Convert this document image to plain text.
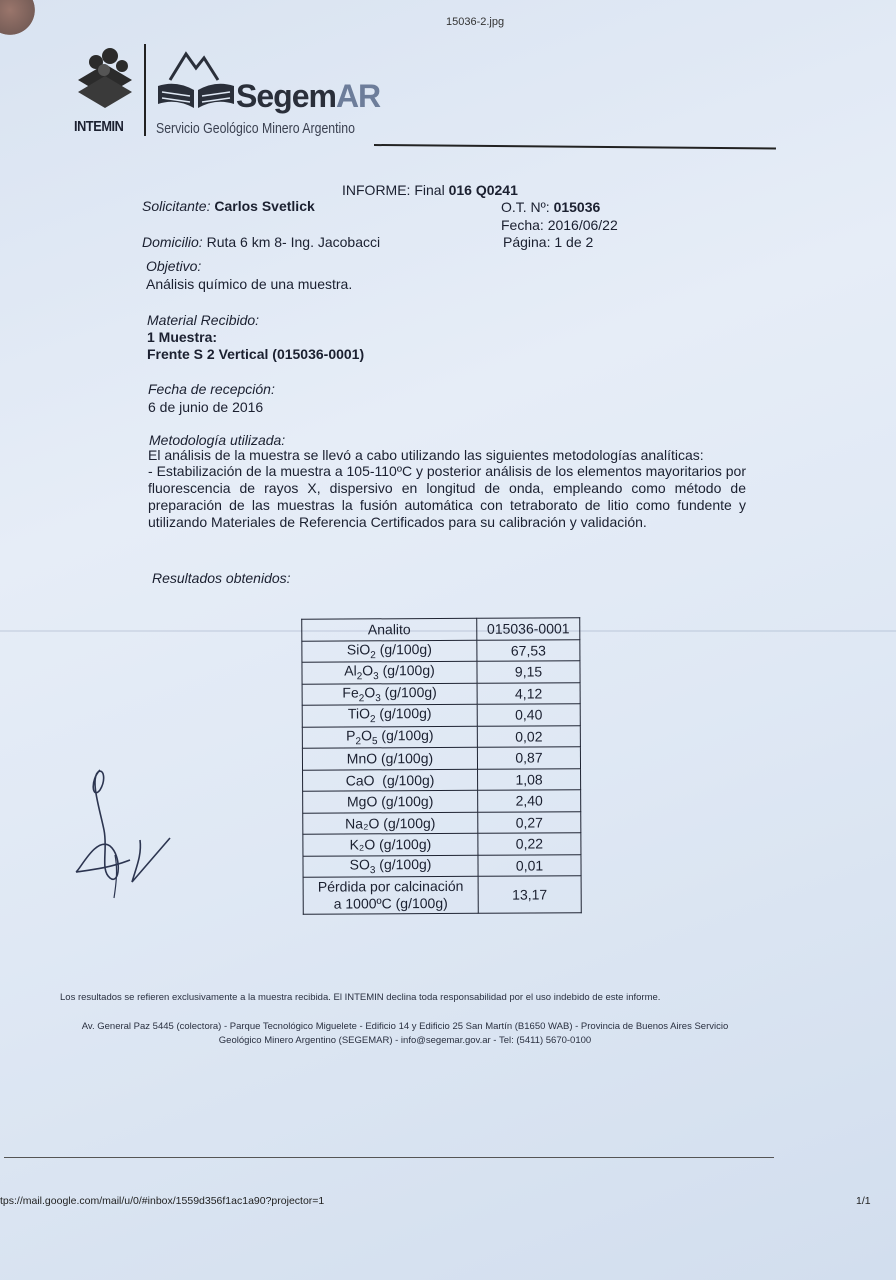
15036-2.jpg
INTEMIN
SegemAR
Servicio Geológico Minero Argentino
INFORME: Final 016 Q0241
Solicitante: Carlos Svetlick	O.T. Nº: 015036
Fecha: 2016/06/22
Domicilio: Ruta 6 km 8- Ing. Jacobacci	Página: 1 de 2
Objetivo:
Análisis químico de una muestra.
Material Recibido:
1 Muestra:
Frente S 2 Vertical (015036-0001)
Fecha de recepción:
6 de junio de 2016
Metodología utilizada:
El análisis de la muestra se llevó a cabo utilizando las siguientes metodologías analíticas:
- Estabilización de la muestra a 105-110ºC y posterior análisis de los elementos mayoritarios por fluorescencia de rayos X, dispersivo en longitud de onda, empleando como método de preparación de las muestras la fusión automática con tetraborato de litio como fundente y utilizando Materiales de Referencia Certificados para su calibración y validación.
Resultados obtenidos:
Analito	015036-0001
SiO$_2$ (g/100g)	67,53
$Al_2O_3$ (g/100g)	9,15
$Fe_2O_3$ (g/100g)	4,12
TiO$_2$ (g/100g)	0,40
$P_2O_5$ (g/100g)	0,02
MnO (g/100g)	0,87
CaO  (g/100g)	1,08
MgO (g/100g)	2,40
Na₂O (g/100g)	0,27
K₂O (g/100g)	0,22
$SO_3$ (g/100g)	0,01
Pérdida por calcinación
a 1000ºC (g/100g)	13,17
Los resultados se refieren exclusivamente a la muestra recibida. El INTEMIN declina toda responsabilidad por el uso indebido de este informe.
Av. General Paz 5445 (colectora) - Parque Tecnológico Miguelete - Edificio 14 y Edificio 25 San Martín (B1650 WAB) - Provincia de Buenos Aires Servicio Geológico Minero Argentino (SEGEMAR) - info@segemar.gov.ar - Tel: (5411) 5670-0100
tps://mail.google.com/mail/u/0/#inbox/1559d356f1ac1a90?projector=1	1/1
